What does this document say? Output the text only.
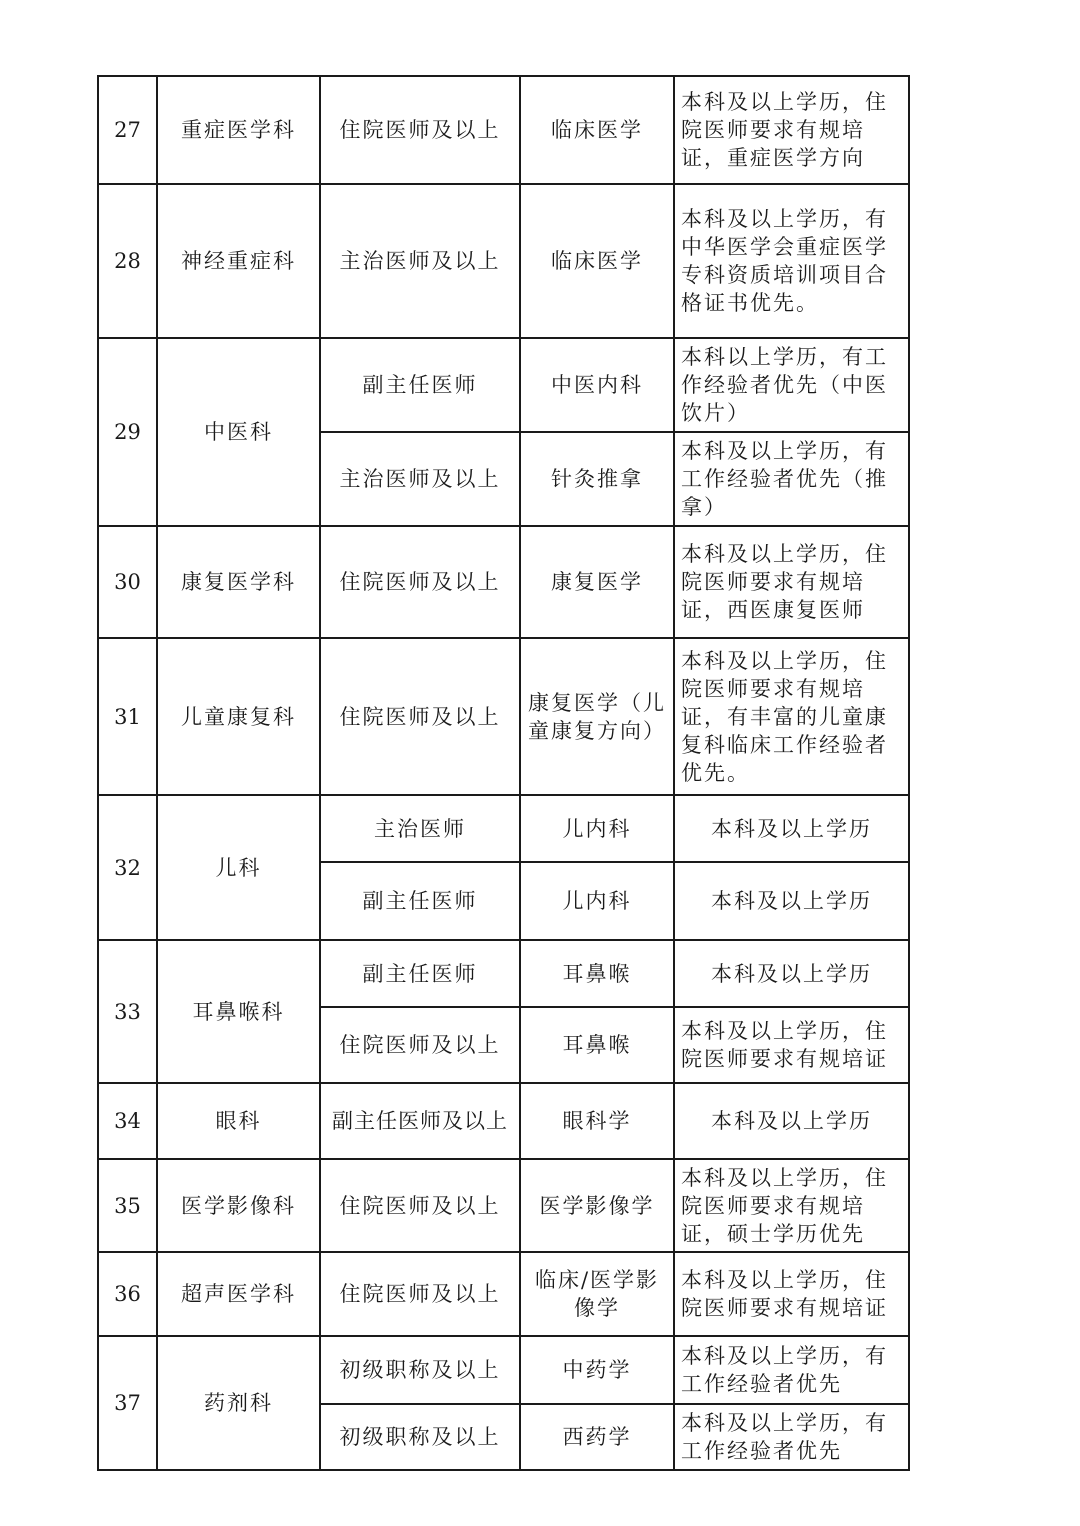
27	重症医学科	住院医师及以上	临床医学	本科及以上学历，住院医师要求有规培证，重症医学方向
28	神经重症科	主治医师及以上	临床医学	本科及以上学历，有中华医学会重症医学专科资质培训项目合格证书优先。
29	中医科	副主任医师	中医内科	本科以上学历，有工作经验者优先（中医饮片）
		主治医师及以上	针灸推拿	本科及以上学历，有工作经验者优先（推拿）
30	康复医学科	住院医师及以上	康复医学	本科及以上学历，住院医师要求有规培证，西医康复医师
31	儿童康复科	住院医师及以上	康复医学（儿童康复方向）	本科及以上学历，住院医师要求有规培证，有丰富的儿童康复科临床工作经验者优先。
32	儿科	主治医师	儿内科	本科及以上学历
		副主任医师	儿内科	本科及以上学历
33	耳鼻喉科	副主任医师	耳鼻喉	本科及以上学历
		住院医师及以上	耳鼻喉	本科及以上学历，住院医师要求有规培证
34	眼科	副主任医师及以上	眼科学	本科及以上学历
35	医学影像科	住院医师及以上	医学影像学	本科及以上学历，住院医师要求有规培证，硕士学历优先
36	超声医学科	住院医师及以上	临床/医学影像学	本科及以上学历，住院医师要求有规培证
37	药剂科	初级职称及以上	中药学	本科及以上学历，有工作经验者优先
		初级职称及以上	西药学	本科及以上学历，有工作经验者优先
